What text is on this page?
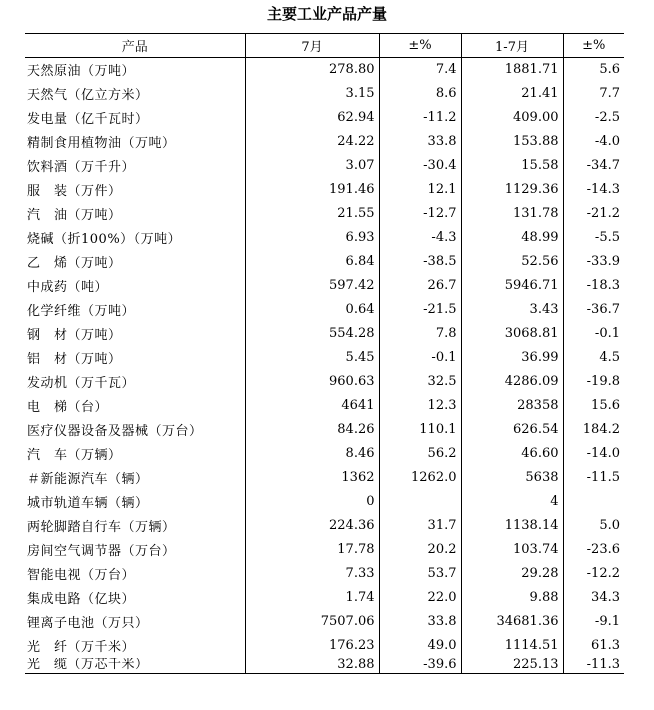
主要工业产品产量
产品	7月	±%	1-7月	±%
天然原油（万吨）	278.80	7.4	1881.71	5.6
天然气（亿立方米）	3.15	8.6	21.41	7.7
发电量（亿千瓦时）	62.94	-11.2	409.00	-2.5
精制食用植物油（万吨）	24.22	33.8	153.88	-4.0
饮料酒（万千升）	3.07	-30.4	15.58	-34.7
服　装（万件）	191.46	12.1	1129.36	-14.3
汽　油（万吨）	21.55	-12.7	131.78	-21.2
烧碱（折100%）（万吨）	6.93	-4.3	48.99	-5.5
乙　烯（万吨）	6.84	-38.5	52.56	-33.9
中成药（吨）	597.42	26.7	5946.71	-18.3
化学纤维（万吨）	0.64	-21.5	3.43	-36.7
钢　材（万吨）	554.28	7.8	3068.81	-0.1
铝　材（万吨）	5.45	-0.1	36.99	4.5
发动机（万千瓦）	960.63	32.5	4286.09	-19.8
电　梯（台）	4641	12.3	28358	15.6
医疗仪器设备及器械（万台）	84.26	110.1	626.54	184.2
汽　车（万辆）	8.46	56.2	46.60	-14.0
＃新能源汽车（辆）	1362	1262.0	5638	-11.5
城市轨道车辆（辆）	0		4	
两轮脚踏自行车（万辆）	224.36	31.7	1138.14	5.0
房间空气调节器（万台）	17.78	20.2	103.74	-23.6
智能电视（万台）	7.33	53.7	29.28	-12.2
集成电路（亿块）	1.74	22.0	9.88	34.3
锂离子电池（万只）	7507.06	33.8	34681.36	-9.1
光　纤（万千米）	176.23	49.0	1114.51	61.3
光　缆（万芯千米）	32.88	-39.6	225.13	-11.3
